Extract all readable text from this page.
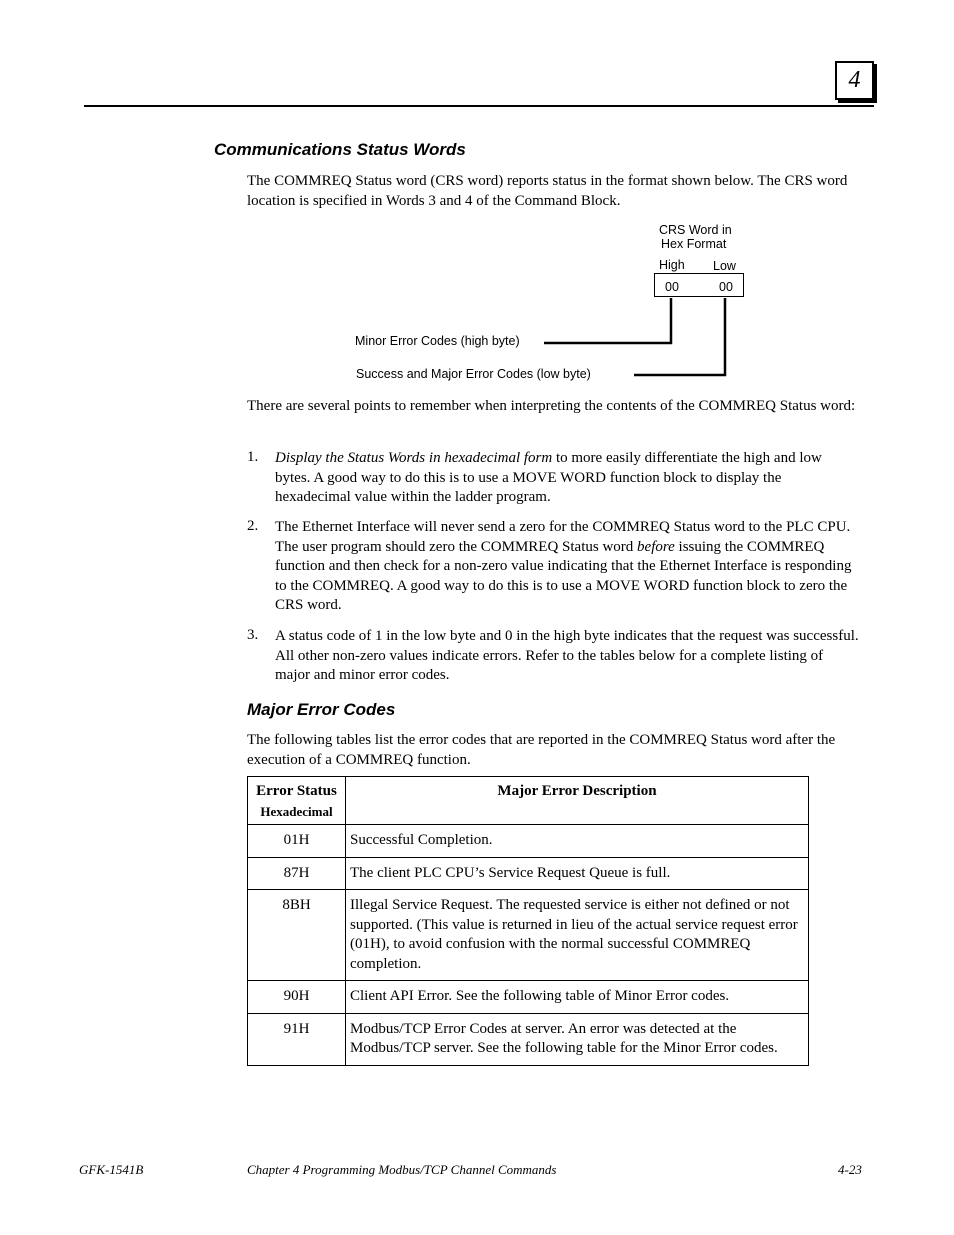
4
Communications Status Words
The COMMREQ Status word (CRS word) reports status in the format shown below. The CRS word location is specified in Words 3 and 4 of the Command Block.
CRS Word in
Hex Format
High Low
00	00
Minor Error Codes (high byte)
Success and Major Error Codes (low byte)
There are several points to remember when interpreting the contents of the COMMREQ Status word:
1. Display the Status Words in hexadecimal form to more easily differentiate the high and low bytes. A good way to do this is to use a MOVE WORD function block to display the hexadecimal value within the ladder program.
2. The Ethernet Interface will never send a zero for the COMMREQ Status word to the PLC CPU. The user program should zero the COMMREQ Status word before issuing the COMMREQ function and then check for a non-zero value indicating that the Ethernet Interface is responding to the COMMREQ. A good way to do this is to use a MOVE WORD function block to zero the CRS word.
3. A status code of 1 in the low byte and 0 in the high byte indicates that the request was successful. All other non-zero values indicate errors. Refer to the tables below for a complete listing of major and minor error codes.
Major Error Codes
The following tables list the error codes that are reported in the COMMREQ Status word after the execution of a COMMREQ function.
Error Status
Hexadecimal	Major Error Description
01H	Successful Completion.
87H	The client PLC CPU’s Service Request Queue is full.
8BH	Illegal Service Request. The requested service is either not defined or not supported. (This value is returned in lieu of the actual service request error (01H), to avoid confusion with the normal successful COMMREQ completion.
90H	Client API Error. See the following table of Minor Error codes.
91H	Modbus/TCP Error Codes at server. An error was detected at the Modbus/TCP server. See the following table for the Minor Error codes.
GFK-1541B	Chapter 4 Programming Modbus/TCP Channel Commands	4-23
